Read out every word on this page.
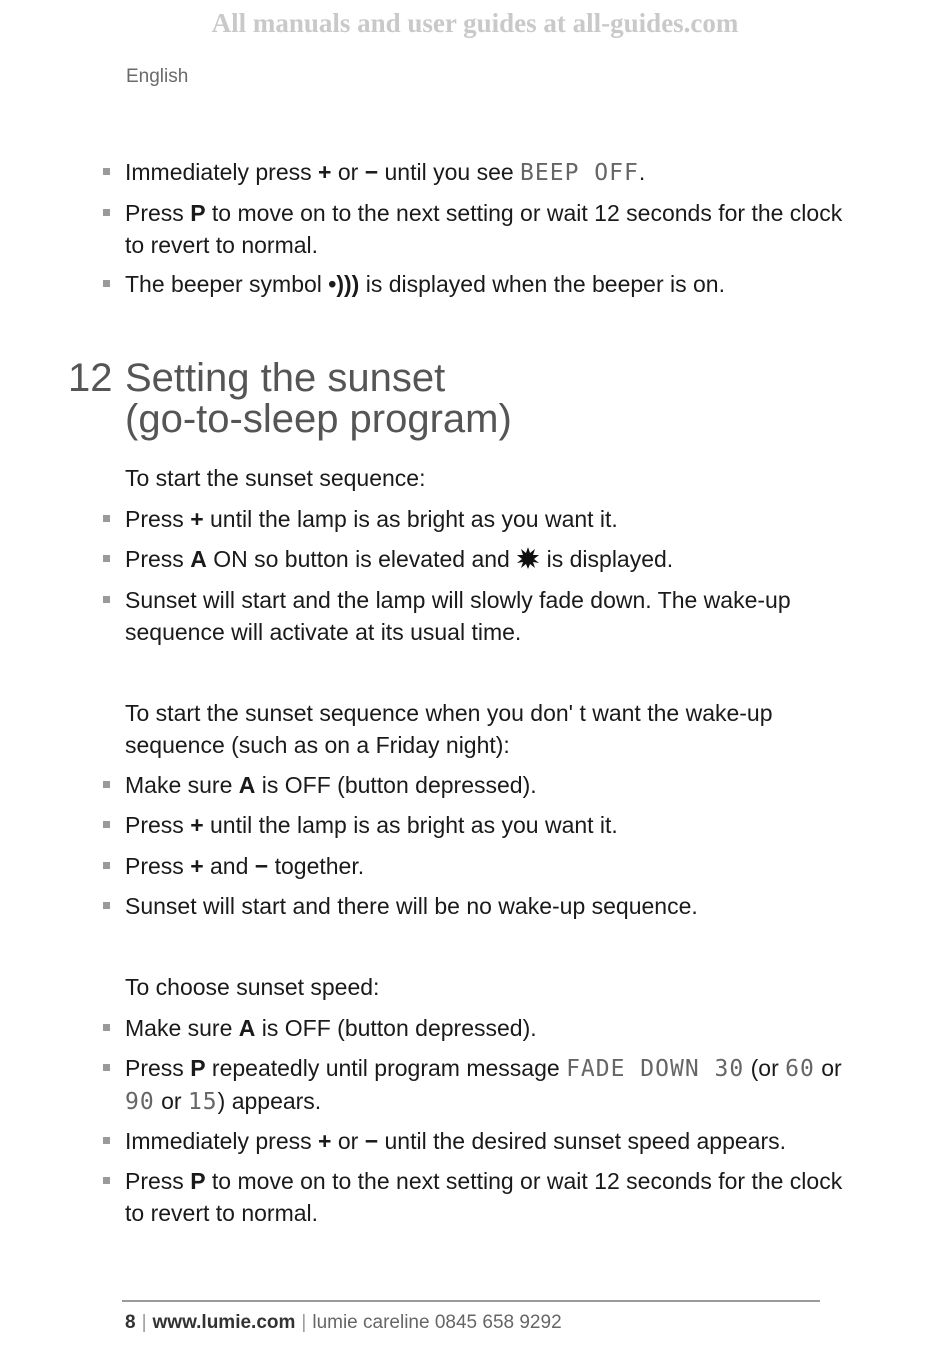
All manuals and user guides at all-guides.com
English
Immediately press + or − until you see BEEP OFF.
Press P to move on to the next setting or wait 12 seconds for the clock to revert to normal.
The beeper symbol •))) is displayed when the beeper is on.
12 Setting the sunset
(go-to-sleep program)
To start the sunset sequence:
Press + until the lamp is as bright as you want it.
Press A ON so button is elevated and  is displayed.
Sunset will start and the lamp will slowly fade down. The wake-up sequence will activate at its usual time.
To start the sunset sequence when you don' t want the wake-up sequence (such as on a Friday night):
Make sure A is OFF (button depressed).
Press + until the lamp is as bright as you want it.
Press + and − together.
Sunset will start and there will be no wake-up sequence.
To choose sunset speed:
Make sure A is OFF (button depressed).
Press P repeatedly until program message FADE DOWN 30 (or 60 or 90 or 15) appears.
Immediately press + or − until the desired sunset speed appears.
Press P to move on to the next setting or wait 12 seconds for the clock to revert to normal.
8 | www.lumie.com | lumie careline 0845 658 9292
